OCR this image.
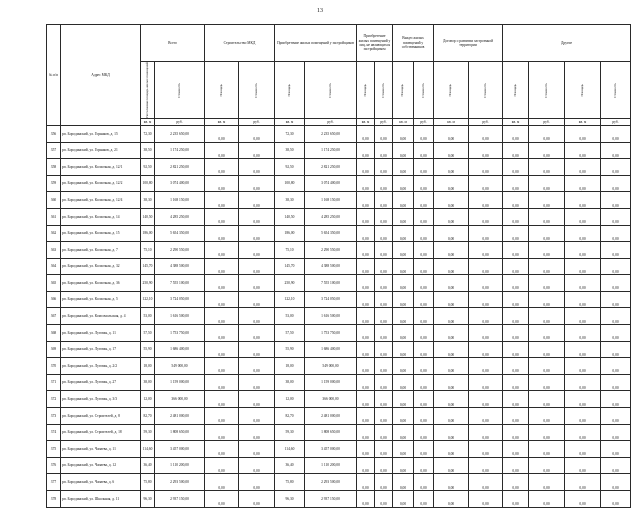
13
№ п/п	Адрес МКД	Всего		Строительство МКД		Приобретение жилых помещений у застройщиков		Приобретение жилых помещений у лиц, не являющихся застройщиком		Выкуп жилых помещений у собственников		Договор о развитии застроенной территории		Другие			

		Расселяемая площадь жилых помещений	Стоимость	Площадь	Стоимость	Площадь	Стоимость	Площадь	Стоимость	Площадь	Стоимость	Площадь	Стоимость	Площадь	Стоимость	Площадь	Стоимость

		кв. м	руб.	кв. м	руб.	кв. м	руб.	кв. м	руб.	кв. м	руб.	кв. м	руб.	кв. м	руб.	кв. м	руб.
356	рп. Бородинский, ул. Горняков, д. 15	72,30	2 235 650,00	0,00	0,00	72,30	2 235 650,00	0,00	0,00	0,00	0,00	0,00	0,00	0,00	0,00	0,00	0,00
357	рп. Бородинский, ул. Горняков, д. 21	38,50	1 174 250,00	0,00	0,00	38,50	1 174 250,00	0,00	0,00	0,00	0,00	0,00	0,00	0,00	0,00	0,00	0,00
358	рп. Бородинский, ул. Колхозная, д. 12/1	92,50	2 821 250,00	0,00	0,00	92,50	2 821 250,00	0,00	0,00	0,00	0,00	0,00	0,00	0,00	0,00	0,00	0,00
359	рп. Бородинский, ул. Колхозная, д. 12/2	100,80	3 074 400,00	0,00	0,00	100,80	3 074 400,00	0,00	0,00	0,00	0,00	0,00	0,00	0,00	0,00	0,00	0,00
360	рп. Бородинский, ул. Колхозная, д. 12/4	38,30	1 168 150,00	0,00	0,00	38,30	1 168 150,00	0,00	0,00	0,00	0,00	0,00	0,00	0,00	0,00	0,00	0,00
361	рп. Бородинский, ул. Колхозная, д. 14	140,50	4 285 250,00	0,00	0,00	140,50	4 285 250,00	0,00	0,00	0,00	0,00	0,00	0,00	0,00	0,00	0,00	0,00
362	рп. Бородинский, ул. Колхозная, д. 15	186,00	5 654 350,00	0,00	0,00	186,00	5 654 350,00	0,00	0,00	0,00	0,00	0,00	0,00	0,00	0,00	0,00	0,00
363	рп. Бородинский, ул. Колхозная, д. 7	75,10	2 290 550,00	0,00	0,00	75,10	2 290 550,00	0,00	0,00	0,00	0,00	0,00	0,00	0,00	0,00	0,00	0,00
364	рп. Бородинский, ул. Колхозная, д. 32	145,70	4 388 500,00	0,00	0,00	145,70	4 388 500,00	0,00	0,00	0,00	0,00	0,00	0,00	0,00	0,00	0,00	0,00
365	рп. Бородинский, ул. Колхозная, д. 36	250,90	7 555 100,00	0,00	0,00	250,90	7 555 100,00	0,00	0,00	0,00	0,00	0,00	0,00	0,00	0,00	0,00	0,00
366	рп. Бородинский, ул. Колхозная, д. 5	122,10	3 724 050,00	0,00	0,00	122,10	3 724 050,00	0,00	0,00	0,00	0,00	0,00	0,00	0,00	0,00	0,00	0,00
367	рп. Бородинский, ул. Комсомольская, д. 4	53,00	1 616 500,00	0,00	0,00	53,00	1 616 500,00	0,00	0,00	0,00	0,00	0,00	0,00	0,00	0,00	0,00	0,00
368	рп. Бородинский, ул. Луговая, д. 11	57,50	1 753 750,00	0,00	0,00	57,50	1 753 750,00	0,00	0,00	0,00	0,00	0,00	0,00	0,00	0,00	0,00	0,00
369	рп. Бородинский, ул. Луговая, д. 17	55,90	1 686 400,00	0,00	0,00	55,90	1 686 400,00	0,00	0,00	0,00	0,00	0,00	0,00	0,00	0,00	0,00	0,00
370	рп. Бородинский, ул. Луговая, д. 2/2	18,00	549 000,00	0,00	0,00	18,00	549 000,00	0,00	0,00	0,00	0,00	0,00	0,00	0,00	0,00	0,00	0,00
371	рп. Бородинский, ул. Луговая, д. 27	38,00	1 159 000,00	0,00	0,00	38,00	1 159 000,00	0,00	0,00	0,00	0,00	0,00	0,00	0,00	0,00	0,00	0,00
372	рп. Бородинский, ул. Луговая, д. 3/3	12,00	366 000,00	0,00	0,00	12,00	366 000,00	0,00	0,00	0,00	0,00	0,00	0,00	0,00	0,00	0,00	0,00
373	рп. Бородинский, ул. Строителей, д. 8	82,70	2 481 000,00	0,00	0,00	82,70	2 481 000,00	0,00	0,00	0,00	0,00	0,00	0,00	0,00	0,00	0,00	0,00
374	рп. Бородинский, ул. Строителей, д. 18	59,30	1 808 650,00	0,00	0,00	59,30	1 808 650,00	0,00	0,00	0,00	0,00	0,00	0,00	0,00	0,00	0,00	0,00
375	рп. Бородинский, ул. Чапаева, д. 11	114,60	3 457 000,00	0,00	0,00	114,60	3 457 000,00	0,00	0,00	0,00	0,00	0,00	0,00	0,00	0,00	0,00	0,00
376	рп. Бородинский, ул. Чапаева, д. 12	36,40	1 110 200,00	0,00	0,00	36,40	1 110 200,00	0,00	0,00	0,00	0,00	0,00	0,00	0,00	0,00	0,00	0,00
377	рп. Бородинский, ул. Чапаева, д. 6	75,80	2 293 500,00	0,00	0,00	75,80	2 293 500,00	0,00	0,00	0,00	0,00	0,00	0,00	0,00	0,00	0,00	0,00
378	рп. Бородинский, ул. Школьная, д. 11	96,30	2 937 150,00	0,00	0,00	96,30	2 937 150,00	0,00	0,00	0,00	0,00	0,00	0,00	0,00	0,00	0,00	0,00
